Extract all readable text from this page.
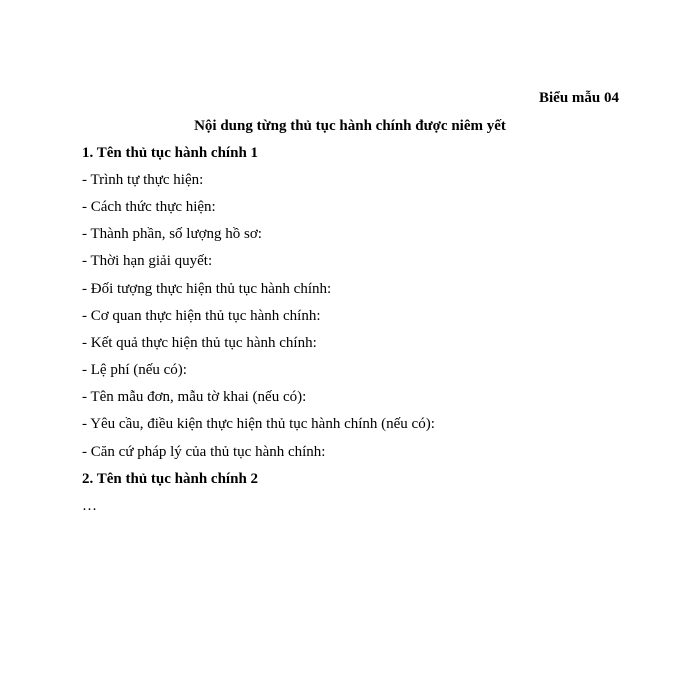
Biểu mẫu 04
Nội dung từng thủ tục hành chính được niêm yết
1. Tên thủ tục hành chính 1
- Trình tự thực hiện:
- Cách thức thực hiện:
- Thành phần, số lượng hồ sơ:
- Thời hạn giải quyết:
- Đối tượng thực hiện thủ tục hành chính:
- Cơ quan thực hiện thủ tục hành chính:
- Kết quả thực hiện thủ tục hành chính:
- Lệ phí (nếu có):
- Tên mẫu đơn, mẫu tờ khai (nếu có):
- Yêu cầu, điều kiện thực hiện thủ tục hành chính (nếu có):
- Căn cứ pháp lý của thủ tục hành chính:
2. Tên thủ tục hành chính 2
…
